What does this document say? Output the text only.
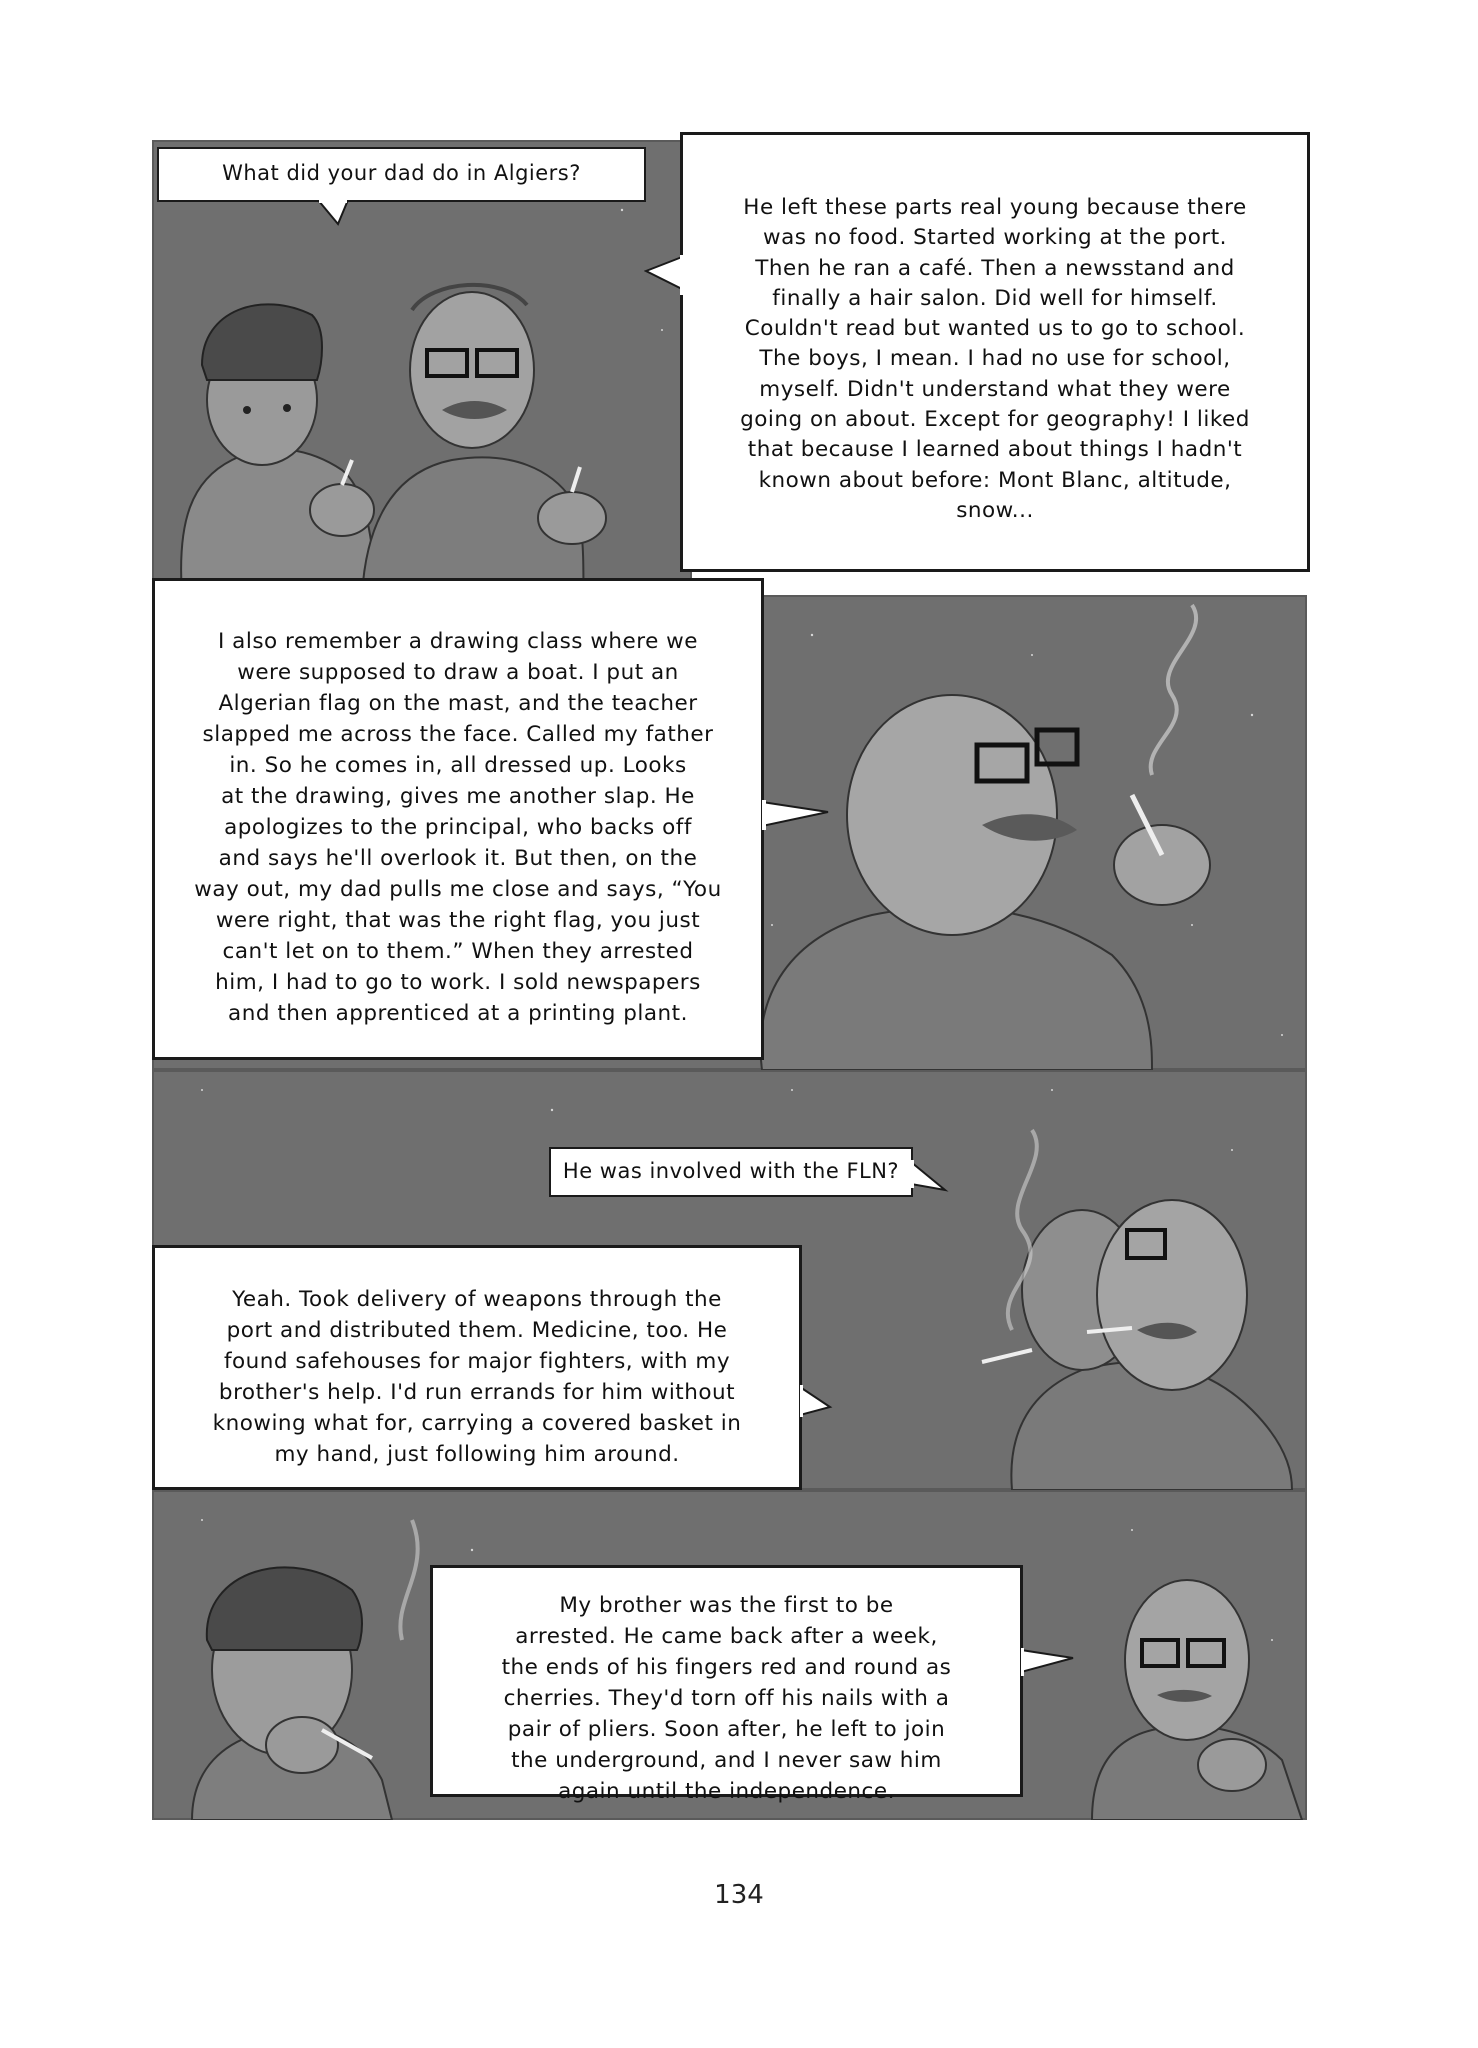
What did your dad do in Algiers?
He left these parts real young because there
was no food. Started working at the port.
Then he ran a café. Then a newsstand and
finally a hair salon. Did well for himself.
Couldn't read but wanted us to go to school.
The boys, I mean. I had no use for school,
myself. Didn't understand what they were
going on about. Except for geography! I liked
that because I learned about things I hadn't
known about before: Mont Blanc, altitude,
snow...
I also remember a drawing class where we
were supposed to draw a boat. I put an
Algerian flag on the mast, and the teacher
slapped me across the face. Called my father
in. So he comes in, all dressed up. Looks
at the drawing, gives me another slap. He
apologizes to the principal, who backs off
and says he'll overlook it. But then, on the
way out, my dad pulls me close and says, “You
were right, that was the right flag, you just
can't let on to them.” When they arrested
him, I had to go to work. I sold newspapers
and then apprenticed at a printing plant.
He was involved with the FLN?
Yeah. Took delivery of weapons through the
port and distributed them. Medicine, too. He
found safehouses for major fighters, with my
brother's help. I'd run errands for him without
knowing what for, carrying a covered basket in
my hand, just following him around.
My brother was the first to be
arrested. He came back after a week,
the ends of his fingers red and round as
cherries. They'd torn off his nails with a
pair of pliers. Soon after, he left to join
the underground, and I never saw him
again until the independence.
134
